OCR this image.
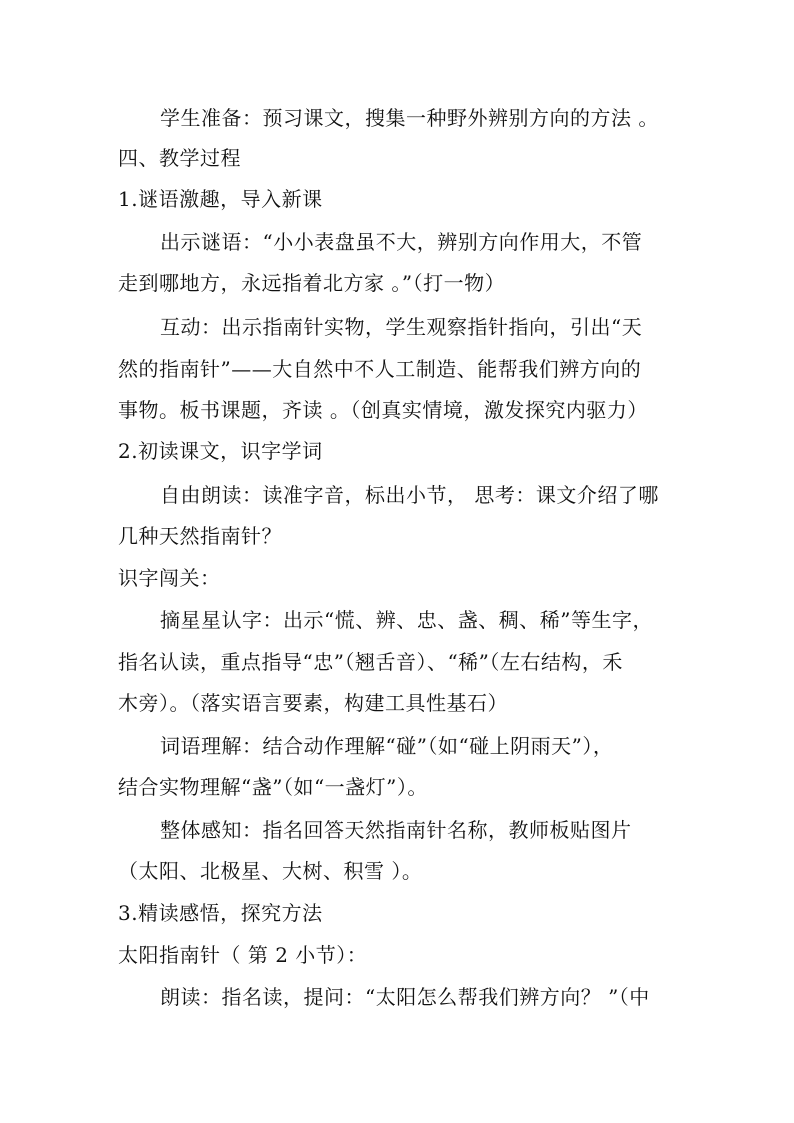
学生准备：预习课文，搜集一种野外辨别方向的方法 。
四、教学过程
1.谜语激趣，导入新课
出示谜语：“小小表盘虽不大，辨别方向作用大，不管
走到哪地方，永远指着北方家 。”（打一物）
互动：出示指南针实物，学生观察指针指向，引出“天
然的指南针”——大自然中不人工制造、能帮我们辨方向的
事物。板书课题，齐读 。（创真实情境，激发探究内驱力）
2.初读课文，识字学词
自由朗读：读准字音，标出小节， 思考：课文介绍了哪
几种天然指南针？
识字闯关：
摘星星认字：出示“慌、辨、忠、盏、稠、稀”等生字，
指名认读，重点指导“忠”（翘舌音）、“稀”（左右结构，禾
木旁）。（落实语言要素，构建工具性基石）
词语理解：结合动作理解“碰”（如“碰上阴雨天”），
结合实物理解“盏”（如“一盏灯”）。
整体感知：指名回答天然指南针名称，教师板贴图片
（太阳、北极星、大树、积雪 ）。
3.精读感悟，探究方法
太阳指南针（ 第 2 小节）：
朗读：指名读，提问：“太阳怎么帮我们辨方向？ ”（中
